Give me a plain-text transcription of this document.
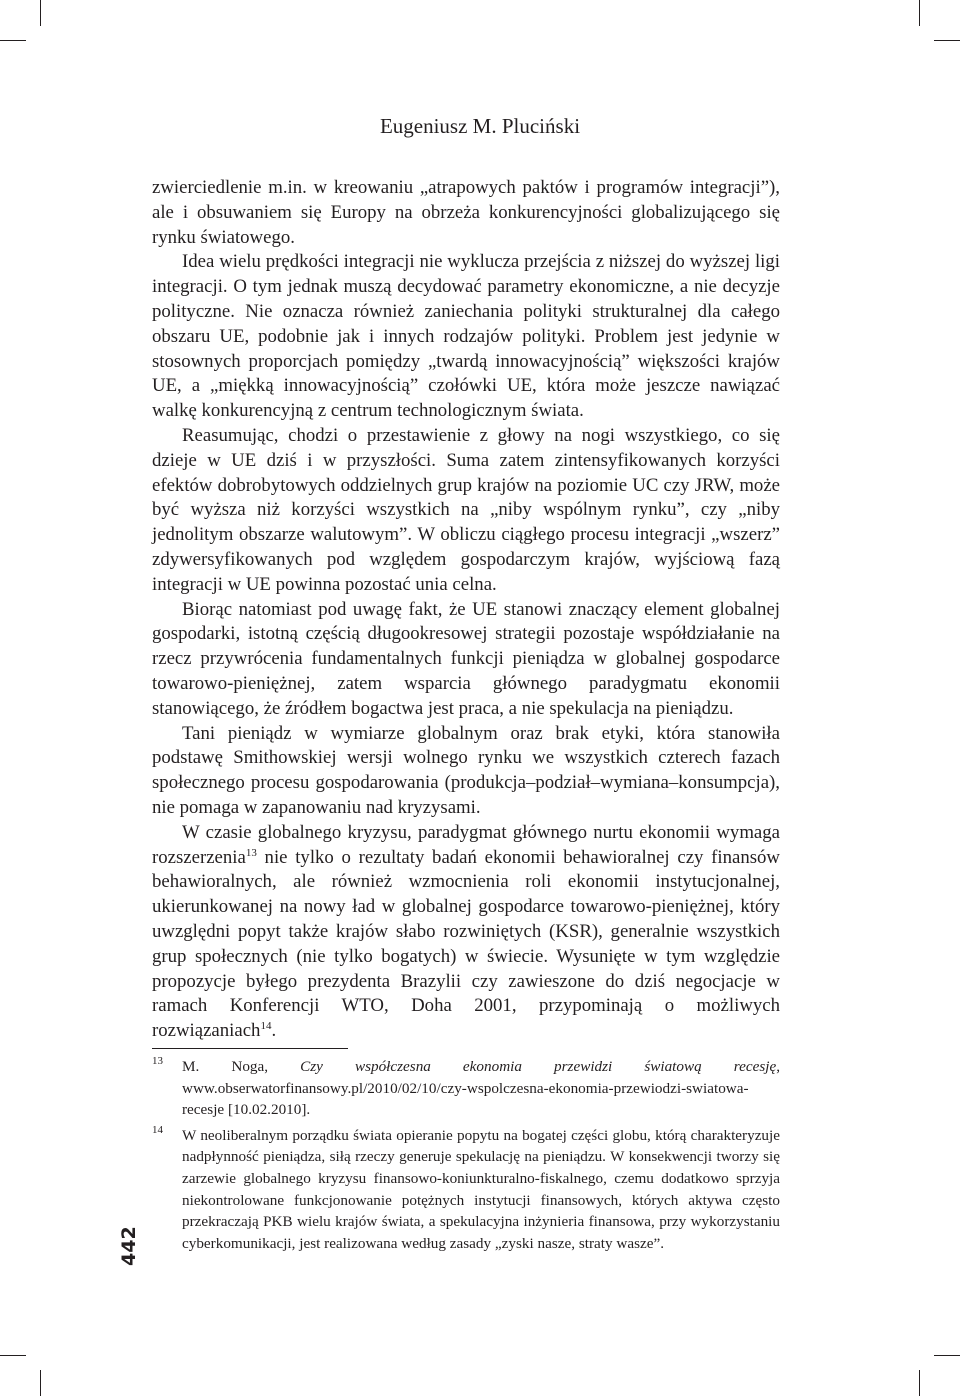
Eugeniusz M. Pluciński

zwierciedlenie m.in. w kreowaniu „atrapowych paktów i programów integracji”), ale i obsuwaniem się Europy na obrzeża konkurencyjności globalizującego się rynku światowego.

Idea wielu prędkości integracji nie wyklucza przejścia z niższej do wyższej ligi integracji. O tym jednak muszą decydować parametry ekonomiczne, a nie decyzje polityczne. Nie oznacza również zaniechania polityki strukturalnej dla całego obszaru UE, podobnie jak i innych rodzajów polityki. Problem jest jedynie w stosownych proporcjach pomiędzy „twardą innowacyjnością” większości krajów UE, a „miękką innowacyjnością” czołówki UE, która może jeszcze nawiązać walkę konkurencyjną z centrum technologicznym świata.

Reasumując, chodzi o przestawienie z głowy na nogi wszystkiego, co się dzieje w UE dziś i w przyszłości. Suma zatem zintensyfikowanych korzyści efektów dobrobytowych oddzielnych grup krajów na poziomie UC czy JRW, może być wyższa niż korzyści wszystkich na „niby wspólnym rynku”, czy „niby jednolitym obszarze walutowym”. W obliczu ciągłego procesu integracji „wszerz” zdywersyfikowanych pod względem gospodarczym krajów, wyjściową fazą integracji w UE powinna pozostać unia celna.

Biorąc natomiast pod uwagę fakt, że UE stanowi znaczący element globalnej gospodarki, istotną częścią długookresowej strategii pozostaje współdziałanie na rzecz przywrócenia fundamentalnych funkcji pieniądza w globalnej gospodarce towarowo-pieniężnej, zatem wsparcia głównego paradygmatu ekonomii stanowiącego, że źródłem bogactwa jest praca, a nie spekulacja na pieniądzu.

Tani pieniądz w wymiarze globalnym oraz brak etyki, która stanowiła podstawę Smithowskiej wersji wolnego rynku we wszystkich czterech fazach społecznego procesu gospodarowania (produkcja–podział–wymiana–konsumpcja), nie pomaga w zapanowaniu nad kryzysami.

W czasie globalnego kryzysu, paradygmat głównego nurtu ekonomii wymaga rozszerzenia$^{13}$ nie tylko o rezultaty badań ekonomii behawioralnej czy finansów behawioralnych, ale również wzmocnienia roli ekonomii instytucjonalnej, ukierunkowanej na nowy ład w globalnej gospodarce towarowo-pieniężnej, który uwzględni popyt także krajów słabo rozwiniętych (KSR), generalnie wszystkich grup społecznych (nie tylko bogatych) w świecie. Wysunięte w tym względzie propozycje byłego prezydenta Brazylii czy zawieszone do dziś negocjacje w ramach Konferencji WTO, Doha 2001, przypominają o możliwych rozwiązaniach$^{14}$.

13 M. Noga, Czy współczesna ekonomia przewidzi światową recesję, www.obserwatorfinansowy.pl/2010/02/10/czy-wspolczesna-ekonomia-przewiodzi-swiatowa-recesje [10.02.2010].
14 W neoliberalnym porządku świata opieranie popytu na bogatej części globu, którą charakteryzuje nadpłynność pieniądza, siłą rzeczy generuje spekulację na pieniądzu. W konsekwencji tworzy się zarzewie globalnego kryzysu finansowo-koniunkturalno-fiskalnego, czemu dodatkowo sprzyja niekontrolowane funkcjonowanie potężnych instytucji finansowych, których aktywa często przekraczają PKB wielu krajów świata, a spekulacyjna inżynieria finansowa, przy wykorzystaniu cyberkomunikacji, jest realizowana według zasady „zyski nasze, straty wasze”.
442
